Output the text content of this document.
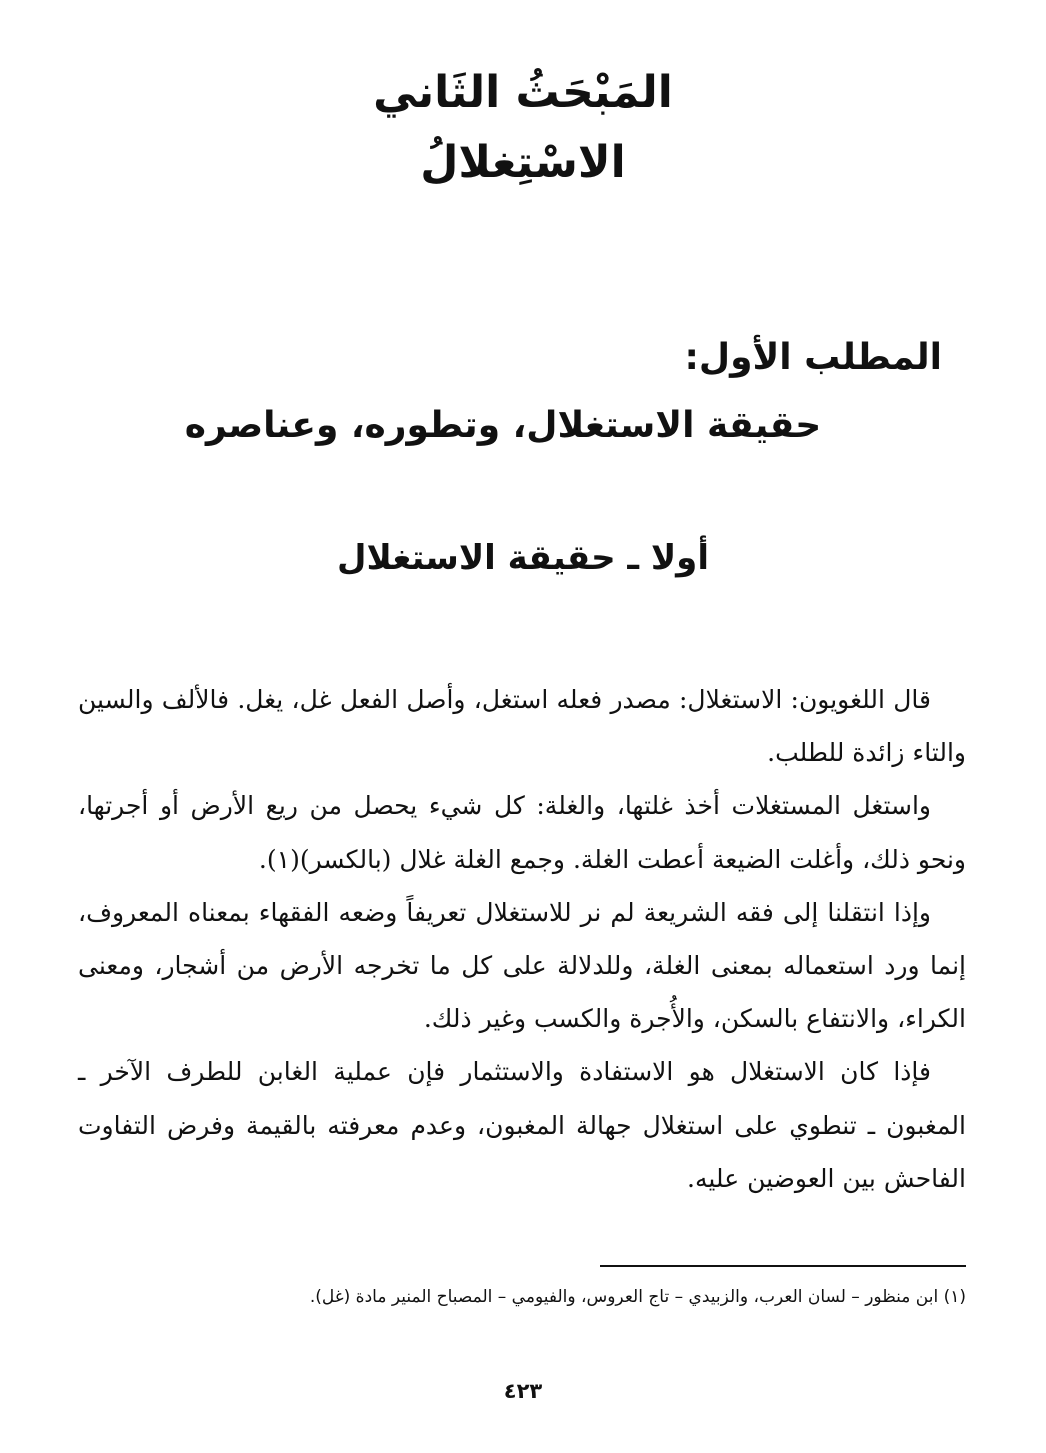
المَبْحَثُ الثَاني
الاسْتِغلالُ
المطلب الأول:
حقيقة الاستغلال، وتطوره، وعناصره
أولا ـ حقيقة الاستغلال

قال اللغويون: الاستغلال: مصدر فعله استغل، وأصل الفعل غل، يغل. فالألف والسين والتاء زائدة للطلب.

واستغل المستغلات أخذ غلتها، والغلة: كل شيء يحصل من ريع الأرض أو أجرتها، ونحو ذلك، وأغلت الضيعة أعطت الغلة. وجمع الغلة غلال (بالكسر)(١).

وإذا انتقلنا إلى فقه الشريعة لم نر للاستغلال تعريفاً وضعه الفقهاء بمعناه المعروف، إنما ورد استعماله بمعنى الغلة، وللدلالة على كل ما تخرجه الأرض من أشجار، ومعنى الكراء، والانتفاع بالسكن، والأُجرة والكسب وغير ذلك.

فإذا كان الاستغلال هو الاستفادة والاستثمار فإن عملية الغابن للطرف الآخر ـ المغبون ـ تنطوي على استغلال جهالة المغبون، وعدم معرفته بالقيمة وفرض التفاوت الفاحش بين العوضين عليه.

(١) ابن منظور – لسان العرب، والزبيدي – تاج العروس، والفيومي – المصباح المنير مادة (غل).
٤٢٣
